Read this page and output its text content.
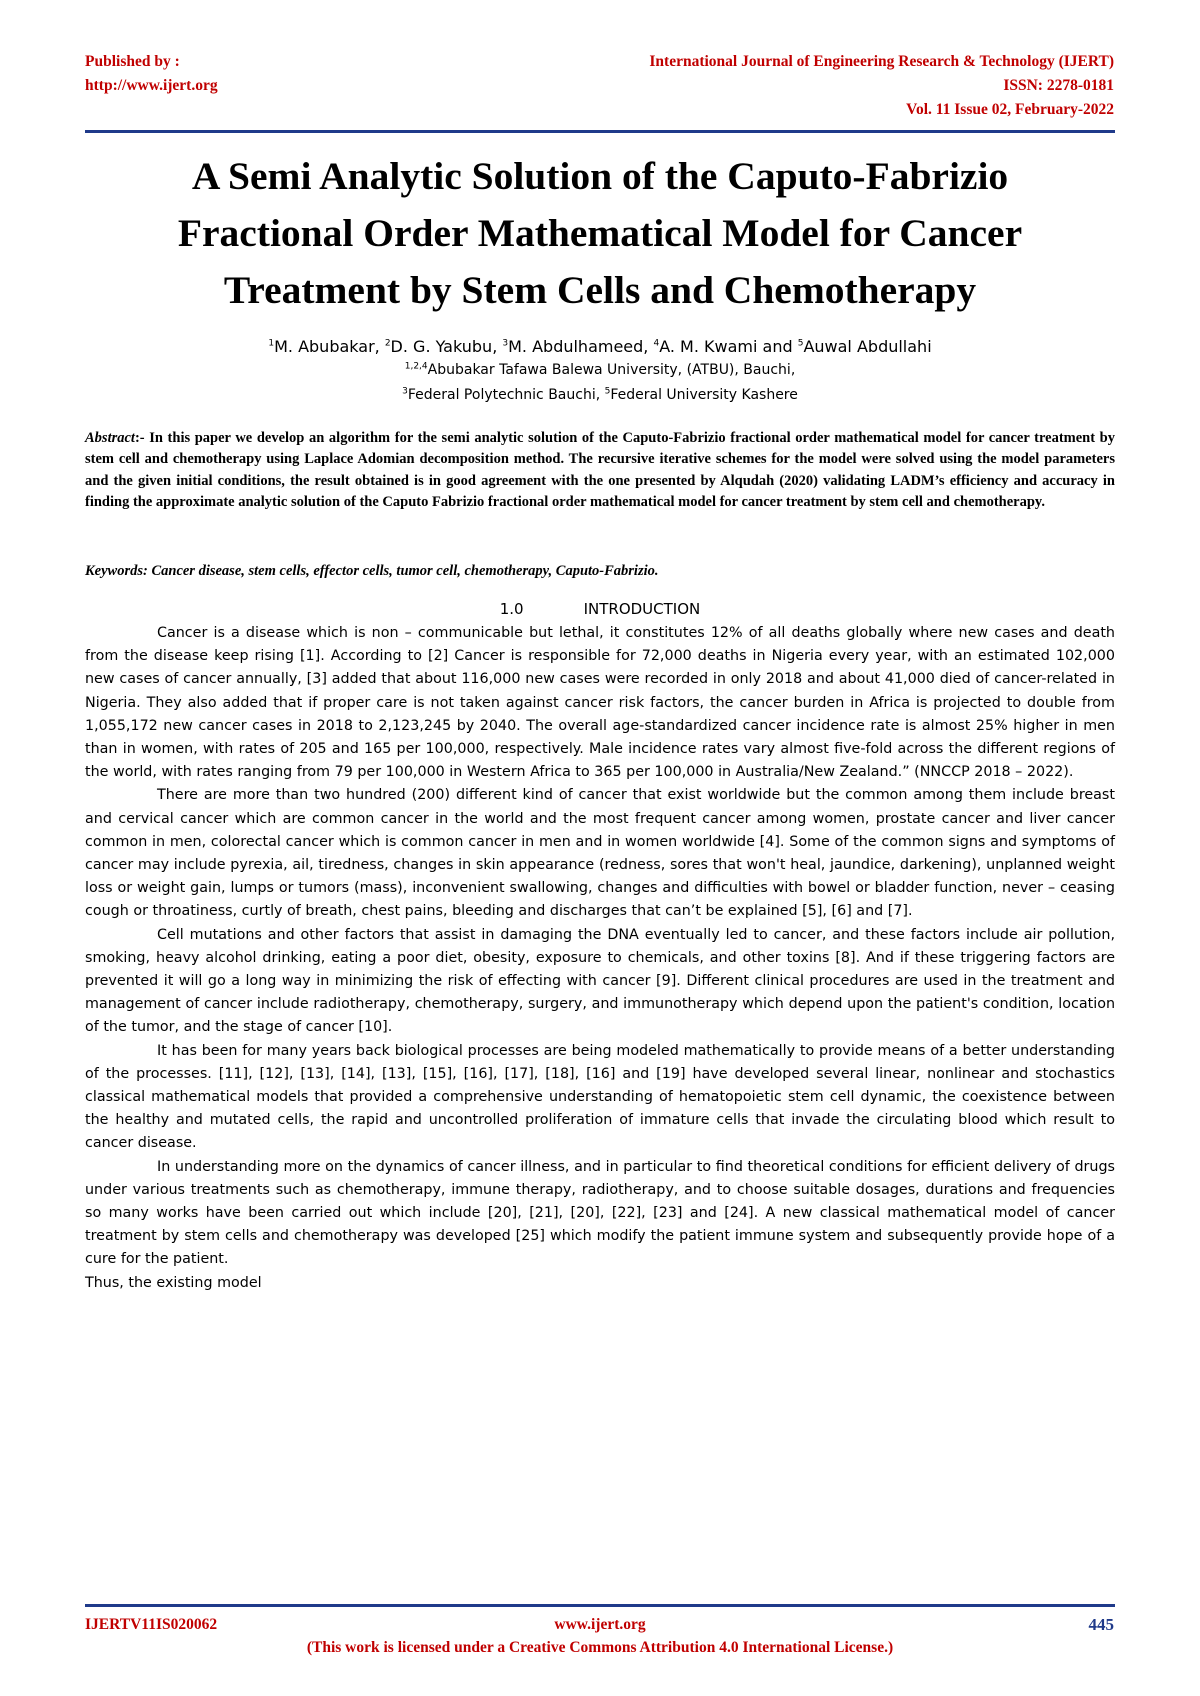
Published by :
http://www.ijert.org
International Journal of Engineering Research & Technology (IJERT)
ISSN: 2278-0181
Vol. 11 Issue 02, February-2022
A Semi Analytic Solution of the Caputo-Fabrizio
Fractional Order Mathematical Model for Cancer
Treatment by Stem Cells and Chemotherapy
$^1$M. Abubakar, $^2$D. G. Yakubu, $^3$M. Abdulhameed, $^4$A. M. Kwami and $^5$Auwal Abdullahi
$^{1,2,4}$Abubakar Tafawa Balewa University, (ATBU), Bauchi,
$^3$Federal Polytechnic Bauchi, $^5$Federal University Kashere
Abstract:- In this paper we develop an algorithm for the semi analytic solution of the Caputo-Fabrizio fractional order mathematical model for cancer treatment by stem cell and chemotherapy using Laplace Adomian decomposition method. The recursive iterative schemes for the model were solved using the model parameters and the given initial conditions, the result obtained is in good agreement with the one presented by Alqudah (2020) validating LADM’s efficiency and accuracy in finding the approximate analytic solution of the Caputo Fabrizio fractional order mathematical model for cancer treatment by stem cell and chemotherapy.
Keywords: Cancer disease, stem cells, effector cells, tumor cell, chemotherapy, Caputo-Fabrizio.
1.0	INTRODUCTION

Cancer is a disease which is non – communicable but lethal, it constitutes 12% of all deaths globally where new cases and death from the disease keep rising [1]. According to [2] Cancer is responsible for 72,000 deaths in Nigeria every year, with an estimated 102,000 new cases of cancer annually, [3] added that about 116,000 new cases were recorded in only 2018 and about 41,000 died of cancer-related in Nigeria. They also added that if proper care is not taken against cancer risk factors, the cancer burden in Africa is projected to double from 1,055,172 new cancer cases in 2018 to 2,123,245 by 2040. The overall age-standardized cancer incidence rate is almost 25% higher in men than in women, with rates of 205 and 165 per 100,000, respectively. Male incidence rates vary almost five-fold across the different regions of the world, with rates ranging from 79 per 100,000 in Western Africa to 365 per 100,000 in Australia/New Zealand.” (NNCCP 2018 – 2022).

There are more than two hundred (200) different kind of cancer that exist worldwide but the common among them include breast and cervical cancer which are common cancer in the world and the most frequent cancer among women, prostate cancer and liver cancer common in men, colorectal cancer which is common cancer in men and in women worldwide [4]. Some of the common signs and symptoms of cancer may include pyrexia, ail, tiredness, changes in skin appearance (redness, sores that won't heal, jaundice, darkening), unplanned weight loss or weight gain, lumps or tumors (mass), inconvenient swallowing, changes and difficulties with bowel or bladder function, never – ceasing cough or throatiness, curtly of breath, chest pains, bleeding and discharges that can’t be explained [5], [6] and [7].

Cell mutations and other factors that assist in damaging the DNA eventually led to cancer, and these factors include air pollution, smoking, heavy alcohol drinking, eating a poor diet, obesity, exposure to chemicals, and other toxins [8]. And if these triggering factors are prevented it will go a long way in minimizing the risk of effecting with cancer [9]. Different clinical procedures are used in the treatment and management of cancer include radiotherapy, chemotherapy, surgery, and immunotherapy which depend upon the patient's condition, location of the tumor, and the stage of cancer [10].

It has been for many years back biological processes are being modeled mathematically to provide means of a better understanding of the processes. [11], [12], [13], [14], [13], [15], [16], [17], [18], [16] and [19] have developed several linear, nonlinear and stochastics classical mathematical models that provided a comprehensive understanding of hematopoietic stem cell dynamic, the coexistence between the healthy and mutated cells, the rapid and uncontrolled proliferation of immature cells that invade the circulating blood which result to cancer disease.

In understanding more on the dynamics of cancer illness, and in particular to find theoretical conditions for efficient delivery of drugs under various treatments such as chemotherapy, immune therapy, radiotherapy, and to choose suitable dosages, durations and frequencies so many works have been carried out which include [20], [21], [20], [22], [23] and [24]. A new classical mathematical model of cancer treatment by stem cells and chemotherapy was developed [25] which modify the patient immune system and subsequently provide hope of a cure for the patient.

Thus, the existing model

IJERTV11IS020062	www.ijert.org	445
(This work is licensed under a Creative Commons Attribution 4.0 International License.)
